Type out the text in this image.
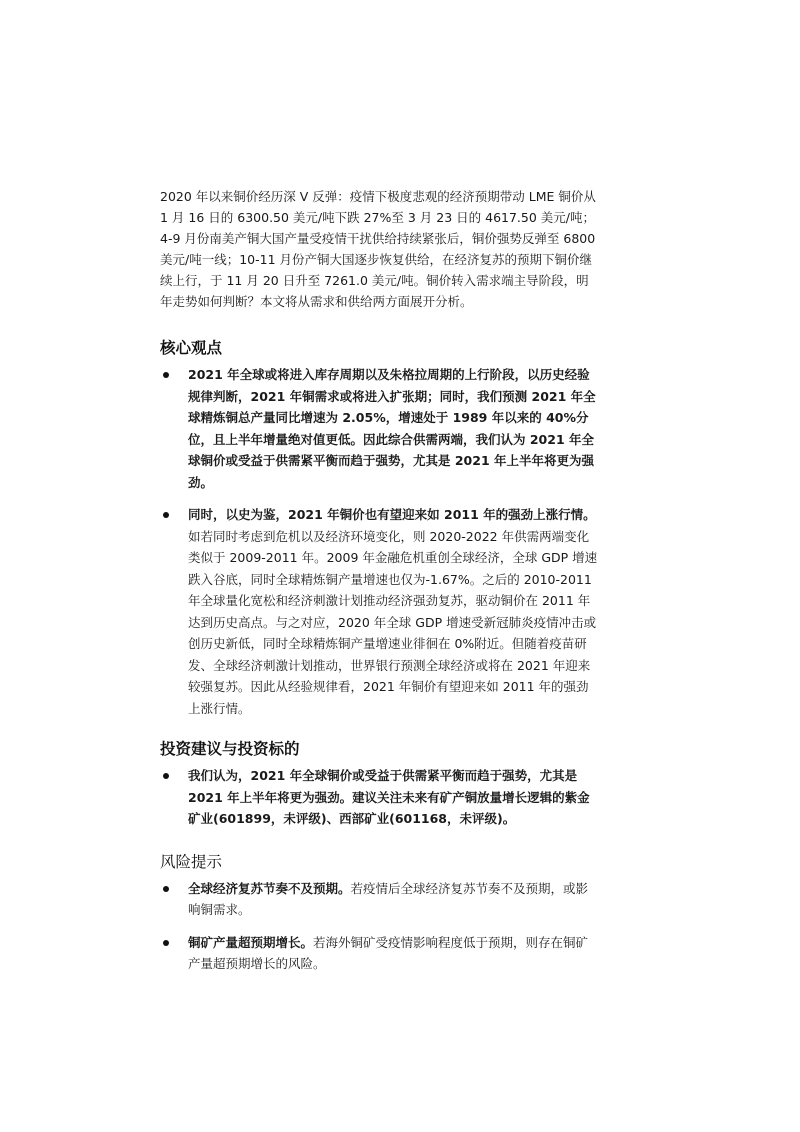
2020 年以来铜价经历深 V 反弹：疫情下极度悲观的经济预期带动 LME 铜价从 1 月 16 日的 6300.50 美元/吨下跌 27%至 3 月 23 日的 4617.50 美元/吨；4-9 月份南美产铜大国产量受疫情干扰供给持续紧张后，铜价强势反弹至 6800 美元/吨一线；10-11 月份产铜大国逐步恢复供给，在经济复苏的预期下铜价继续上行，于 11 月 20 日升至 7261.0 美元/吨。铜价转入需求端主导阶段，明年走势如何判断？本文将从需求和供给两方面展开分析。

核心观点
2021 年全球或将进入库存周期以及朱格拉周期的上行阶段，以历史经验规律判断，2021 年铜需求或将进入扩张期；同时，我们预测 2021 年全球精炼铜总产量同比增速为 2.05%，增速处于 1989 年以来的 40%分位，且上半年增量绝对值更低。因此综合供需两端，我们认为 2021 年全球铜价或受益于供需紧平衡而趋于强势，尤其是 2021 年上半年将更为强劲。
同时，以史为鉴，2021 年铜价也有望迎来如 2011 年的强劲上涨行情。如若同时考虑到危机以及经济环境变化，则 2020-2022 年供需两端变化类似于 2009-2011 年。2009 年金融危机重创全球经济，全球 GDP 增速跌入谷底，同时全球精炼铜产量增速也仅为-1.67%。之后的 2010-2011 年全球量化宽松和经济刺激计划推动经济强劲复苏，驱动铜价在 2011 年达到历史高点。与之对应，2020 年全球 GDP 增速受新冠肺炎疫情冲击或创历史新低，同时全球精炼铜产量增速业徘徊在 0%附近。但随着疫苗研发、全球经济刺激计划推动，世界银行预测全球经济或将在 2021 年迎来较强复苏。因此从经验规律看，2021 年铜价有望迎来如 2011 年的强劲上涨行情。
投资建议与投资标的
我们认为，2021 年全球铜价或受益于供需紧平衡而趋于强势，尤其是 2021 年上半年将更为强劲。建议关注未来有矿产铜放量增长逻辑的紫金矿业(601899，未评级)、西部矿业(601168，未评级)。
风险提示
全球经济复苏节奏不及预期。若疫情后全球经济复苏节奏不及预期，或影响铜需求。
铜矿产量超预期增长。若海外铜矿受疫情影响程度低于预期，则存在铜矿产量超预期增长的风险。
